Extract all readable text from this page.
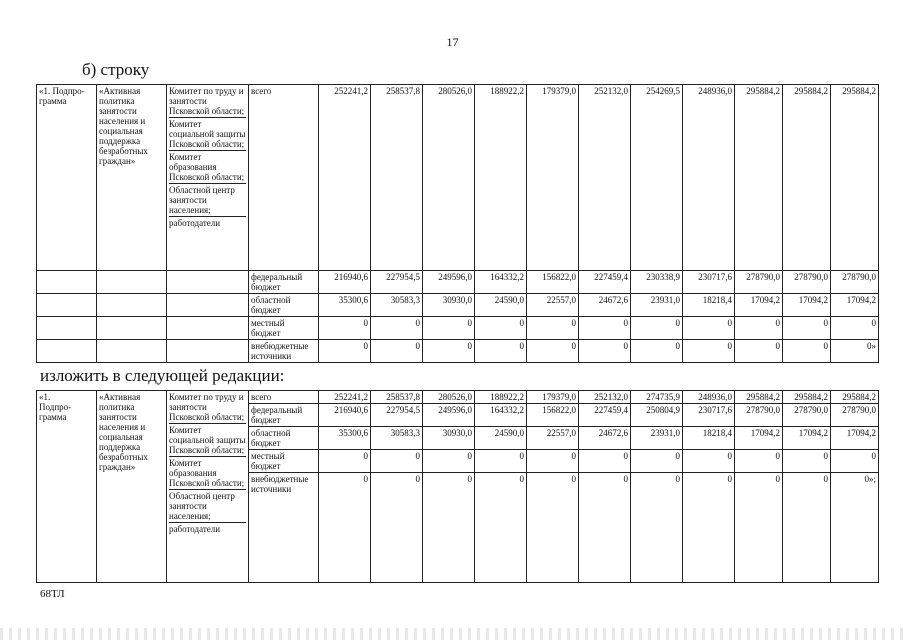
17
б) строку
«1. Подпро-
грамма	«Активная политика занятости населения и социальная поддержка безработных граждан»	Комитет по труду и занятости Псковской области;
Комитет социальной защиты Псковской области;
Комитет образования Псковской области;
Областной центр занятости населения;
работодатели	всего	252241,2	258537,8	280526,0	188922,2	179379,0	252132,0	254269,5	248936,0	295884,2	295884,2	295884,2
			федеральный бюджет	216940,6	227954,5	249596,0	164332,2	156822,0	227459,4	230338,9	230717,6	278790,0	278790,0	278790,0
			областной бюджет	35300,6	30583,3	30930,0	24590,0	22557,0	24672,6	23931,0	18218,4	17094,2	17094,2	17094,2
			местный бюджет	0	0	0	0	0	0	0	0	0	0	0
			внебюджетные источники	0	0	0	0	0	0	0	0	0	0	0»
изложить в следующей редакции:
«1.
Подпро-
грамма	«Активная политика занятости населения и социальная поддержка безработных граждан»	Комитет по труду и занятости Псковской области;
Комитет социальной защиты Псковской области;
Комитет образования Псковской области;
Областной центр занятости населения;
работодатели	всего	252241,2	258537,8	280526,0	188922,2	179379,0	252132,0	274735,9	248936,0	295884,2	295884,2	295884,2
			федеральный бюджет	216940,6	227954,5	249596,0	164332,2	156822,0	227459,4	250804,9	230717,6	278790,0	278790,0	278790,0
			областной бюджет	35300,6	30583,3	30930,0	24590,0	22557,0	24672,6	23931,0	18218,4	17094,2	17094,2	17094,2
			местный бюджет	0	0	0	0	0	0	0	0	0	0	0
			внебюджетные источники	0	0	0	0	0	0	0	0	0	0	0»;
68ТЛ
